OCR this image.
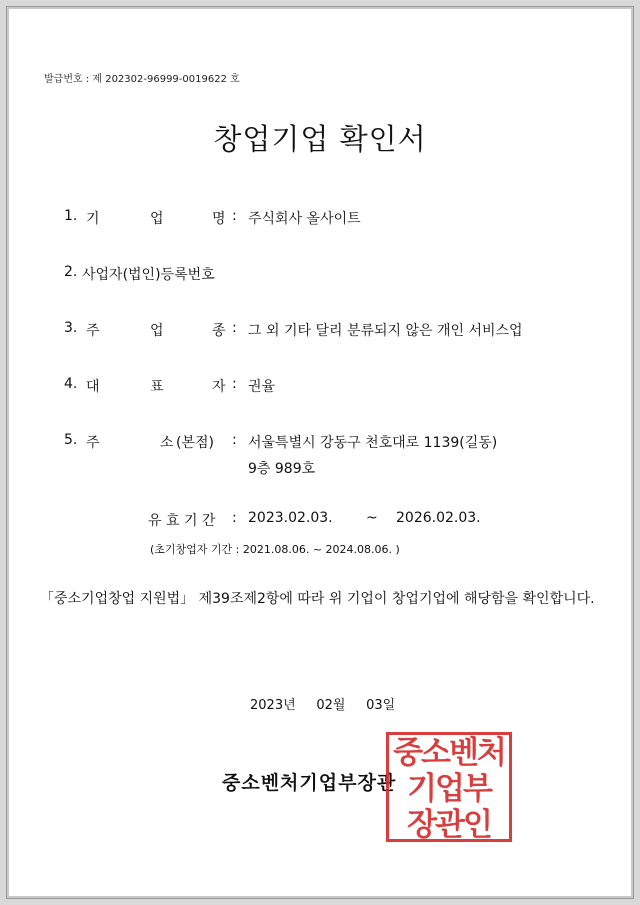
발급번호 : 제 202302-96999-0019622 호
창업기업 확인서
1. 기	업	명 : 주식회사 올사이트
2. 사업자(법인)등록번호
3. 주	업	종 : 그 외 기타 달리 분류되지 않은 개인 서비스업
4. 대	표	자 : 권율
5. 주	소 (본점) : 서울특별시 강동구 천호대로 1139(길동)
9층 989호
유 효 기 간 : 2023.02.03. ~ 2026.02.03.
(초기창업자 기간 : 2021.08.06. ~ 2024.08.06. )
「중소기업창업 지원법」 제39조제2항에 따라 위 기업이 창업기업에 해당함을 확인합니다.
2023년 02월 03일
중소벤처기업부장관
중소벤처
기업부
장관인
